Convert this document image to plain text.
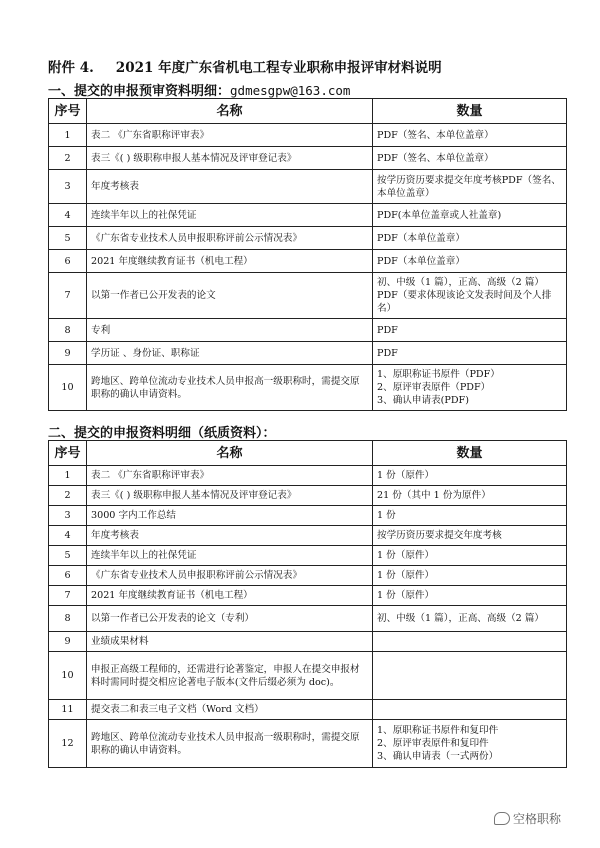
附件 4. 2021 年度广东省机电工程专业职称申报评审材料说明
一、提交的申报预审资料明细：gdmesgpw@163.com
序号	名称	数量
1	表二 《广东省职称评审表》	PDF（签名、本单位盖章）
2	表三《( ) 级职称申报人基本情况及评审登记表》	PDF（签名、本单位盖章）
3	年度考核表	按学历资历要求提交年度考核PDF（签名、本单位盖章）
4	连续半年以上的社保凭证	PDF(本单位盖章或人社盖章)
5	《广东省专业技术人员申报职称评前公示情况表》	PDF（本单位盖章）
6	2021 年度继续教育证书（机电工程）	PDF（本单位盖章）
7	以第一作者已公开发表的论文	初、中级（1 篇），正高、高级（2 篇）PDF（要求体现该论文发表时间及个人排名）
8	专利	PDF
9	学历证 、身份证、职称证	PDF
10	跨地区、跨单位流动专业技术人员申报高一级职称时，需提交原职称的确认申请资料。	1、原职称证书原件（PDF）
2、原评审表原件（PDF）
3、确认申请表(PDF)
二、提交的申报资料明细（纸质资料）：
序号	名称	数量
1	表二 《广东省职称评审表》	1 份（原件）
2	表三《( ) 级职称申报人基本情况及评审登记表》	21 份（其中 1 份为原件）
3	3000 字内工作总结	1 份
4	年度考核表	按学历资历要求提交年度考核
5	连续半年以上的社保凭证	1 份（原件）
6	《广东省专业技术人员申报职称评前公示情况表》	1 份（原件）
7	2021 年度继续教育证书（机电工程）	1 份（原件）
8	以第一作者已公开发表的论文（专利）	初、中级（1 篇），正高、高级（2 篇）
9	业绩成果材料	
10	申报正高级工程师的，还需进行论著鉴定，申报人在提交申报材料时需同时提交相应论著电子版本(文件后缀必须为 doc)。	
11	提交表二和表三电子文档（Word 文档）	
12	跨地区、跨单位流动专业技术人员申报高一级职称时，需提交原职称的确认申请资料。	1、原职称证书原件和复印件
2、原评审表原件和复印件
3、确认申请表（一式两份）
空格职称
